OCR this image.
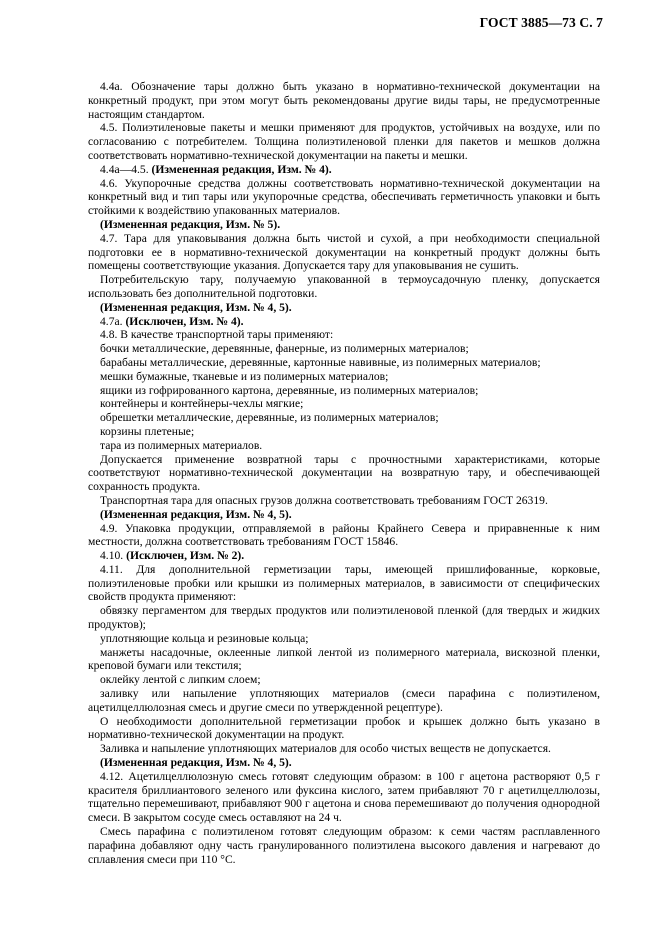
ГОСТ 3885—73 С. 7

4.4а. Обозначение тары должно быть указано в нормативно-технической документации на конкретный продукт, при этом могут быть рекомендованы другие виды тары, не предусмотренные настоящим стандартом.

4.5. Полиэтиленовые пакеты и мешки применяют для продуктов, устойчивых на воздухе, или по согласованию с потребителем. Толщина полиэтиленовой пленки для пакетов и мешков должна соответствовать нормативно-технической документации на пакеты и мешки.

4.4а—4.5. (Измененная редакция, Изм. № 4).

4.6. Укупорочные средства должны соответствовать нормативно-технической документации на конкретный вид и тип тары или укупорочные средства, обеспечивать герметичность упаковки и быть стойкими к воздействию упакованных материалов.

(Измененная редакция, Изм. № 5).

4.7. Тара для упаковывания должна быть чистой и сухой, а при необходимости специальной подготовки ее в нормативно-технической документации на конкретный продукт должны быть помещены соответствующие указания. Допускается тару для упаковывания не сушить.

Потребительскую тару, получаемую упакованной в термоусадочную пленку, допускается использовать без дополнительной подготовки.

(Измененная редакция, Изм. № 4, 5).

4.7а. (Исключен, Изм. № 4).

4.8. В качестве транспортной тары применяют:

бочки металлические, деревянные, фанерные, из полимерных материалов;

барабаны металлические, деревянные, картонные навивные, из полимерных материалов;

мешки бумажные, тканевые и из полимерных материалов;

ящики из гофрированного картона, деревянные, из полимерных материалов;

контейнеры и контейнеры-чехлы мягкие;

обрешетки металлические, деревянные, из полимерных материалов;

корзины плетеные;

тара из полимерных материалов.

Допускается применение возвратной тары с прочностными характеристиками, которые соответствуют нормативно-технической документации на возвратную тару, и обеспечивающей сохранность продукта.

Транспортная тара для опасных грузов должна соответствовать требованиям ГОСТ 26319.

(Измененная редакция, Изм. № 4, 5).

4.9. Упаковка продукции, отправляемой в районы Крайнего Севера и приравненные к ним местности, должна соответствовать требованиям ГОСТ 15846.

4.10. (Исключен, Изм. № 2).

4.11. Для дополнительной герметизации тары, имеющей пришлифованные, корковые, полиэтиленовые пробки или крышки из полимерных материалов, в зависимости от специфических свойств продукта применяют:

обвязку пергаментом для твердых продуктов или полиэтиленовой пленкой (для твердых и жидких продуктов);

уплотняющие кольца и резиновые кольца;

манжеты насадочные, оклеенные липкой лентой из полимерного материала, вискозной пленки, креповой бумаги или текстиля;

оклейку лентой с липким слоем;

заливку или напыление уплотняющих материалов (смеси парафина с полиэтиленом, ацетилцеллюлозная смесь и другие смеси по утвержденной рецептуре).

О необходимости дополнительной герметизации пробок и крышек должно быть указано в нормативно-технической документации на продукт.

Заливка и напыление уплотняющих материалов для особо чистых веществ не допускается.

(Измененная редакция, Изм. № 4, 5).

4.12. Ацетилцеллюлозную смесь готовят следующим образом: в 100 г ацетона растворяют 0,5 г красителя бриллиантового зеленого или фуксина кислого, затем прибавляют 70 г ацетилцеллюлозы, тщательно перемешивают, прибавляют 900 г ацетона и снова перемешивают до получения однородной смеси. В закрытом сосуде смесь оставляют на 24 ч.

Смесь парафина с полиэтиленом готовят следующим образом: к семи частям расплавленного парафина добавляют одну часть гранулированного полиэтилена высокого давления и нагревают до сплавления смеси при 110 °С.
